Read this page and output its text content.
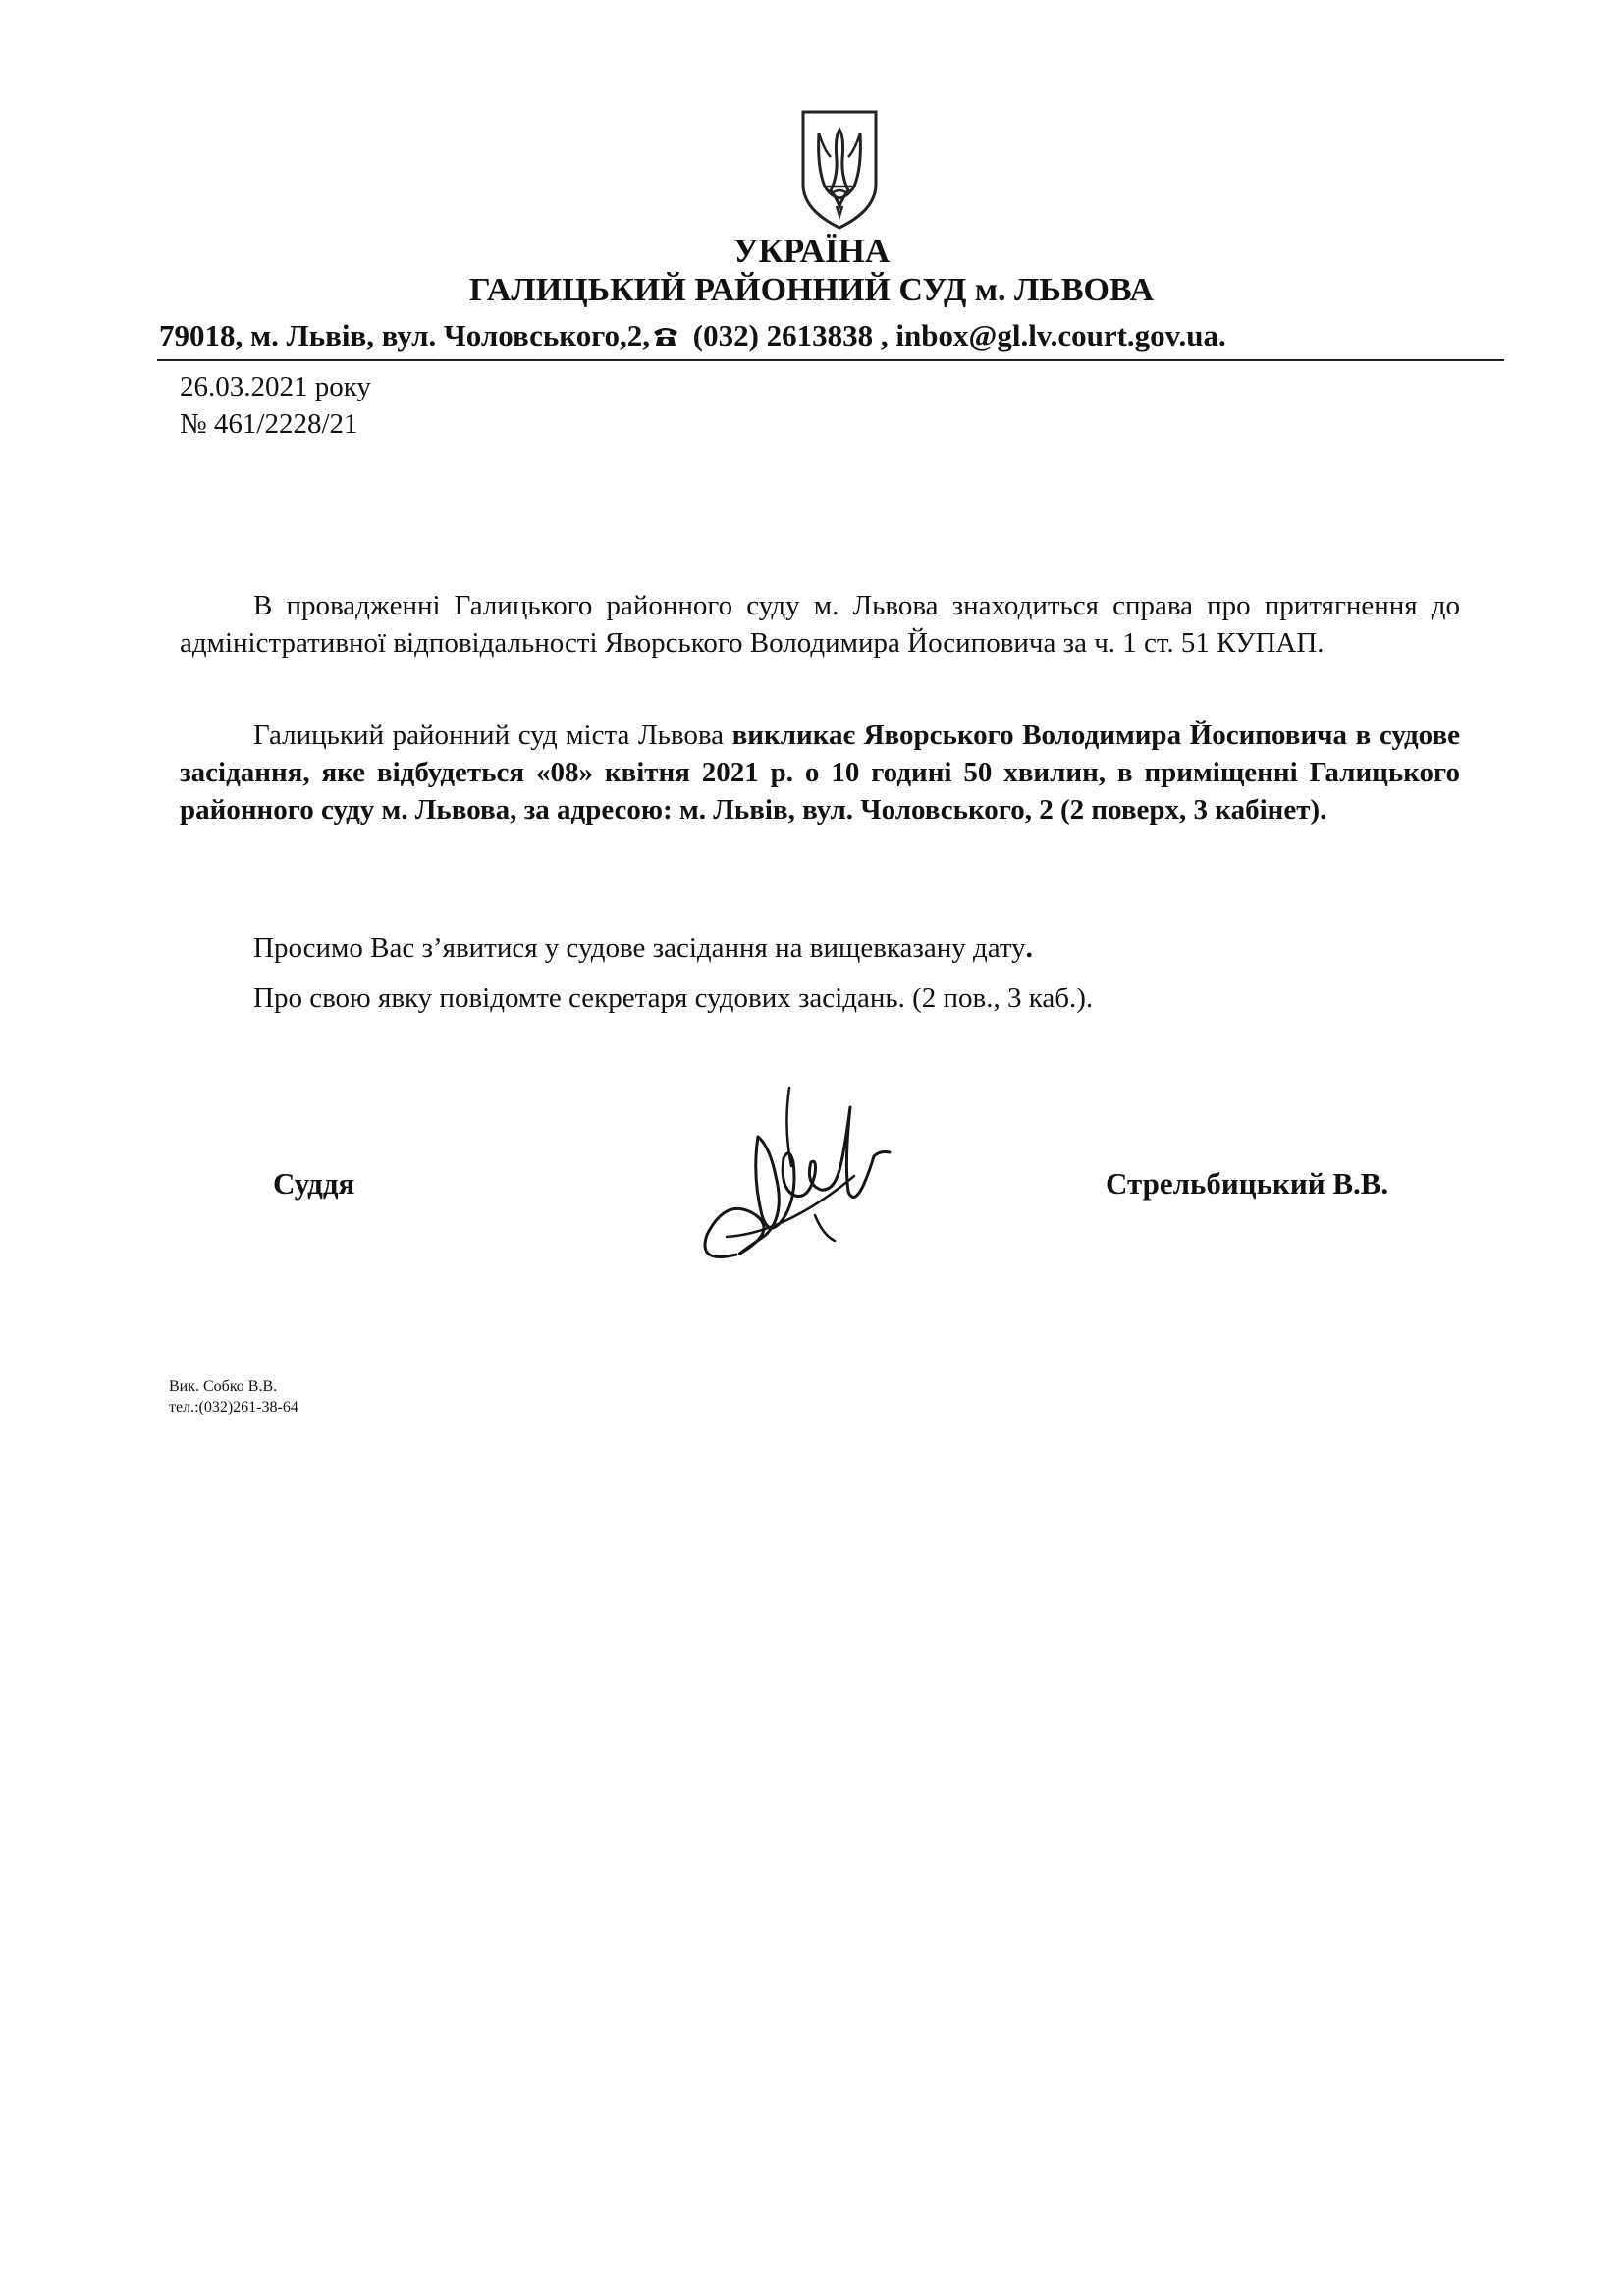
УКРАЇНА
ГАЛИЦЬКИЙ РАЙОННИЙ СУД м. ЛЬВОВА
79018, м. Львів, вул. Чоловського,2, (032) 2613838 , inbox@gl.lv.court.gov.ua.
26.03.2021 року
№ 461/2228/21
В провадженні Галицького районного суду м. Львова знаходиться справа про притягнення до адміністративної відповідальності Яворського Володимира Йосиповича за ч. 1 ст. 51 КУПАП.
Галицький районний суд міста Львова викликає Яворського Володимира Йосиповича в судове засідання, яке відбудеться «08» квітня 2021 р. о 10 годині 50 хвилин, в приміщенні Галицького районного суду м. Львова, за адресою: м. Львів, вул. Чоловського, 2 (2 поверх, 3 кабінет).
Просимо Вас з’явитися у судове засідання на вищевказану дату.
Про свою явку повідомте секретаря судових засідань. (2 пов., 3 каб.).
Суддя	Стрельбицький В.В.
Вик. Собко В.В.
тел.:(032)261-38-64
